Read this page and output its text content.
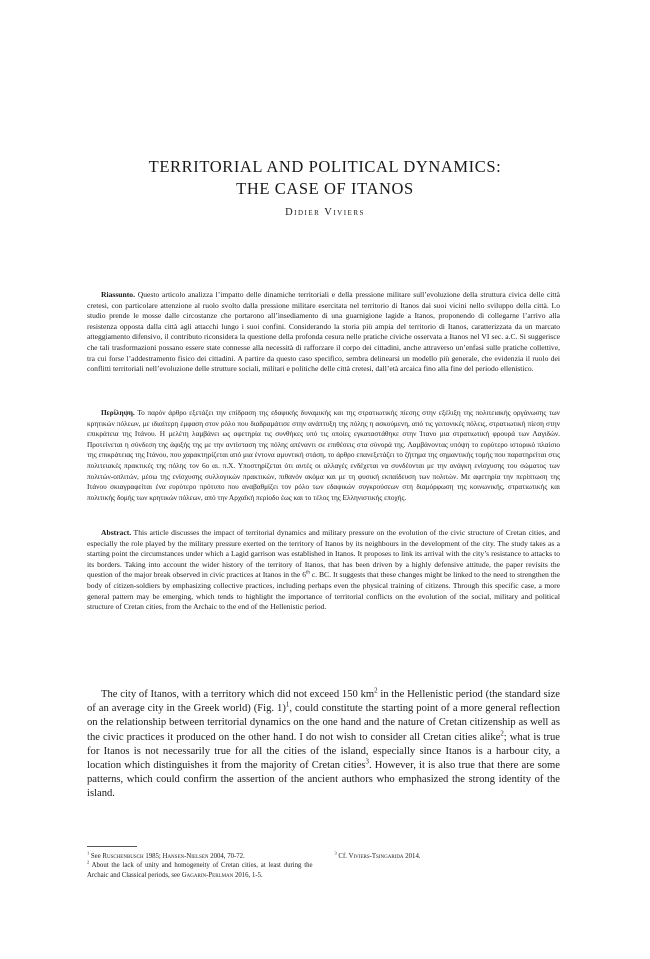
TERRITORIAL AND POLITICAL DYNAMICS:
THE CASE OF ITANOS
Didier Viviers

Riassunto. Questo articolo analizza l’impatto delle dinamiche territoriali e della pressione militare sull’evoluzione della struttura civica delle città cretesi, con particolare attenzione al ruolo svolto dalla pressione militare esercitata nel territorio di Itanos dai suoi vicini nello sviluppo della città. Lo studio prende le mosse dalle circostanze che portarono all’insediamento di una guarnigione lagide a Itanos, proponendo di collegarne l’arrivo alla resistenza opposta dalla città agli attacchi lungo i suoi confini. Considerando la storia più ampia del territorio di Itanos, caratterizzata da un marcato atteggiamento difensivo, il contributo riconsidera la questione della profonda cesura nelle pratiche civiche osservata a Itanos nel VI sec. a.C. Si suggerisce che tali trasformazioni possano essere state connesse alla necessità di rafforzare il corpo dei cittadini, anche attraverso un’enfasi sulle pratiche collettive, tra cui forse l’addestramento fisico dei cittadini. A partire da questo caso specifico, sembra delinearsi un modello più generale, che evidenzia il ruolo dei conflitti territoriali nell’evoluzione delle strutture sociali, militari e politiche delle città cretesi, dall’età arcaica fino alla fine del periodo ellenistico.

Περίληψη. Το παρόν άρθρο εξετάζει την επίδραση της εδαφικής δυναμικής και της στρατιωτικής πίεσης στην εξέλιξη της πολιτειακής οργάνωσης των κρητικών πόλεων, με ιδιαίτερη έμφαση στον ρόλο που διαδραμάτισε στην ανάπτυξη της πόλης η ασκούμενη, από τις γειτονικές πόλεις, στρατιωτική πίεση στην επικράτεια της Ιτάνου. Η μελέτη λαμβάνει ως αφετηρία τις συνθήκες υπό τις οποίες εγκαταστάθηκε στην Ίτανο μια στρατιωτική φρουρά των Λαγιδών. Προτείνεται η σύνδεση της άφιξής της με την αντίσταση της πόλης απέναντι σε επιθέσεις στα σύνορά της. Λαμβάνοντας υπόψη το ευρύτερο ιστορικό πλαίσιο της επικράτειας της Ιτάνου, που χαρακτηρίζεται από μια έντονα αμυντική στάση, το άρθρο επανεξετάζει το ζήτημα της σημαντικής τομής που παρατηρείται στις πολιτειακές πρακτικές της πόλης τον 6ο αι. π.Χ. Υποστηρίζεται ότι αυτές οι αλλαγές ενδέχεται να συνδέονται με την ανάγκη ενίσχυσης του σώματος των πολιτών-οπλιτών, μέσω της ενίσχυσης συλλογικών πρακτικών, πιθανόν ακόμα και με τη φυσική εκπαίδευση των πολιτών. Με αφετηρία την περίπτωση της Ιτάνου σκιαγραφείται ένα ευρύτερο πρότυπο που αναβαθμίζει τον ρόλο των εδαφικών συγκρούσεων στη διαμόρφωση της κοινωνικής, στρατιωτικής και πολιτικής δομής των κρητικών πόλεων, από την Αρχαϊκή περίοδο έως και το τέλος της Ελληνιστικής εποχής.

Abstract. This article discusses the impact of territorial dynamics and military pressure on the evolution of the civic structure of Cretan cities, and especially the role played by the military pressure exerted on the territory of Itanos by its neighbours in the development of the city. The study takes as a starting point the circumstances under which a Lagid garrison was established in Itanos. It proposes to link its arrival with the city’s resistance to attacks to its borders. Taking into account the wider history of the territory of Itanos, that has been driven by a highly defensive attitude, the paper revisits the question of the major break observed in civic practices at Itanos in the 6th c. BC. It suggests that these changes might be linked to the need to strengthen the body of citizen-soldiers by emphasizing collective practices, including perhaps even the physical training of citizens. Through this specific case, a more general pattern may be emerging, which tends to highlight the importance of territorial conflicts on the evolution of the social, military and political structure of Cretan cities, from the Archaic to the end of the Hellenistic period.

The city of Itanos, with a territory which did not exceed 150 $km^2$ in the Hellenistic period (the standard size of an average city in the Greek world) (Fig. 1)$^1$, could constitute the starting point of a more general reflection on the relationship between territorial dynamics on the one hand and the nature of Cretan citizenship as well as the civic practices it produced on the other hand. I do not wish to consider all Cretan cities alike$^2$; what is true for Itanos is not necessarily true for all the cities of the island, especially since Itanos is a harbour city, a location which distinguishes it from the majority of Cretan cities$^3$. However, it is also true that there are some patterns, which could confirm the assertion of the ancient authors who emphasized the strong identity of the island.

$^1$ See Ruschenbusch 1985; Hansen-Nielsen 2004, 70-72.

$^2$ About the lack of unity and homogeneity of Cretan cities, at least during the Archaic and Classical periods, see Gagarin-Perlman 2016, 1-5.

$^3$ Cf. Viviers-Tsingarida 2014.
